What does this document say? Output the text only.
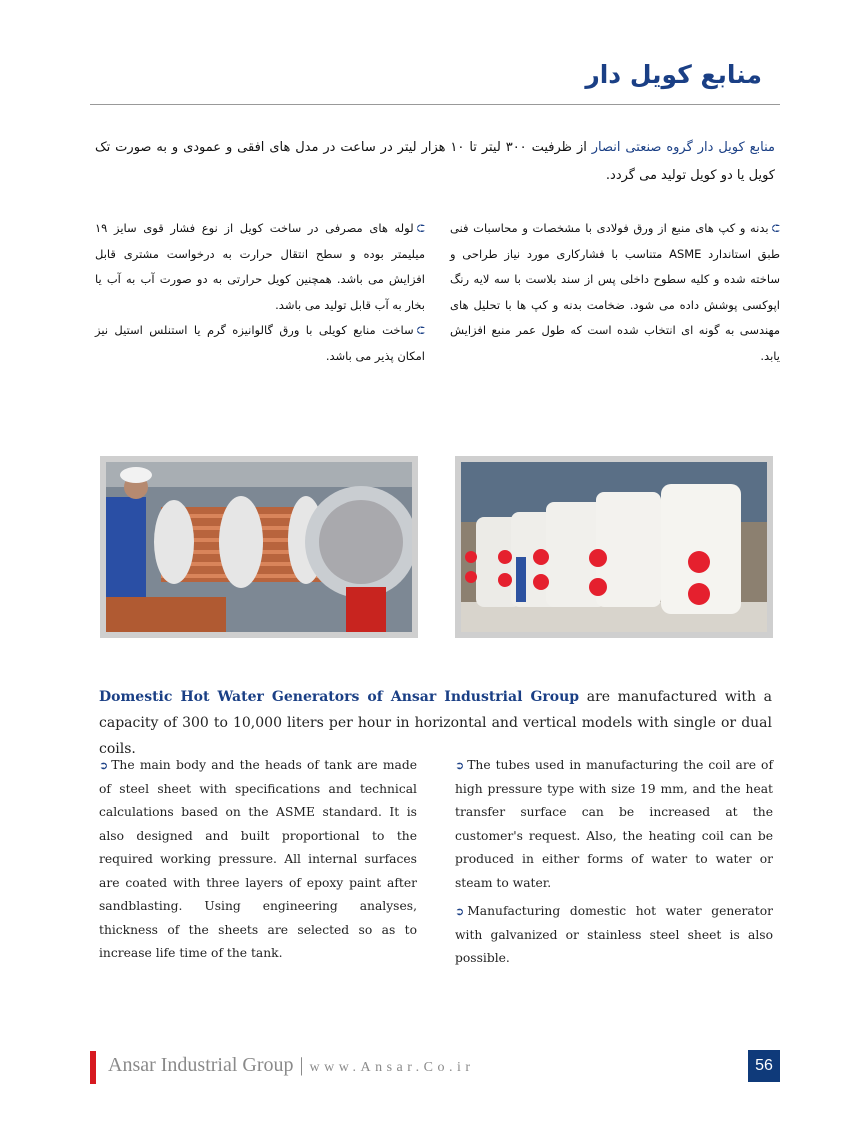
منابع کویل دار
منابع کویل دار گروه صنعتی انصار از ظرفیت ۳۰۰ لیتر تا ۱۰ هزار لیتر در ساعت در مدل های افقی و عمودی و به صورت تک کویل یا دو کویل تولید می گردد.

⮈بدنه و کپ های منبع از ورق فولادی با مشخصات و محاسبات فنی طبق استاندارد ASME متناسب با فشارکاری مورد نیاز طراحی و ساخته شده و کلیه سطوح داخلی پس از سند بلاست با سه لایه رنگ اپوکسی پوشش داده می شود. ضخامت بدنه و کپ ها با تحلیل های مهندسی به گونه ای انتخاب شده است که طول عمر منبع افزایش یابد.

⮈لوله های مصرفی در ساخت کویل از نوع فشار قوی سایز ۱۹ میلیمتر بوده و سطح انتقال حرارت به درخواست مشتری قابل افزایش می باشد. همچنین کویل حرارتی به دو صورت آب به آب یا بخار به آب قابل تولید می باشد.

⮈ساخت منابع کویلی با ورق گالوانیزه گرم یا استنلس استیل نیز امکان پذیر می باشد.

Domestic Hot Water Generators of Ansar Industrial Group are manufactured with a capacity of 300 to 10,000 liters per hour in horizontal and vertical models with single or dual coils.

➲ The main body and the heads of tank are made of steel sheet with specifications and technical calculations based on the ASME standard. It is also designed and built proportional to the required working pressure. All internal surfaces are coated with three layers of epoxy paint after sandblasting. Using engineering analyses, thickness of the sheets are selected so as to increase life time of the tank.

➲ The tubes used in manufacturing the coil are of high pressure type with size 19 mm, and the heat transfer surface can be increased at the customer's request. Also, the heating coil can be produced in either forms of water to water or steam to water.

➲ Manufacturing domestic hot water generator with galvanized or stainless steel sheet is also possible.

Ansar Industrial Group | www.Ansar.Co.ir	56
